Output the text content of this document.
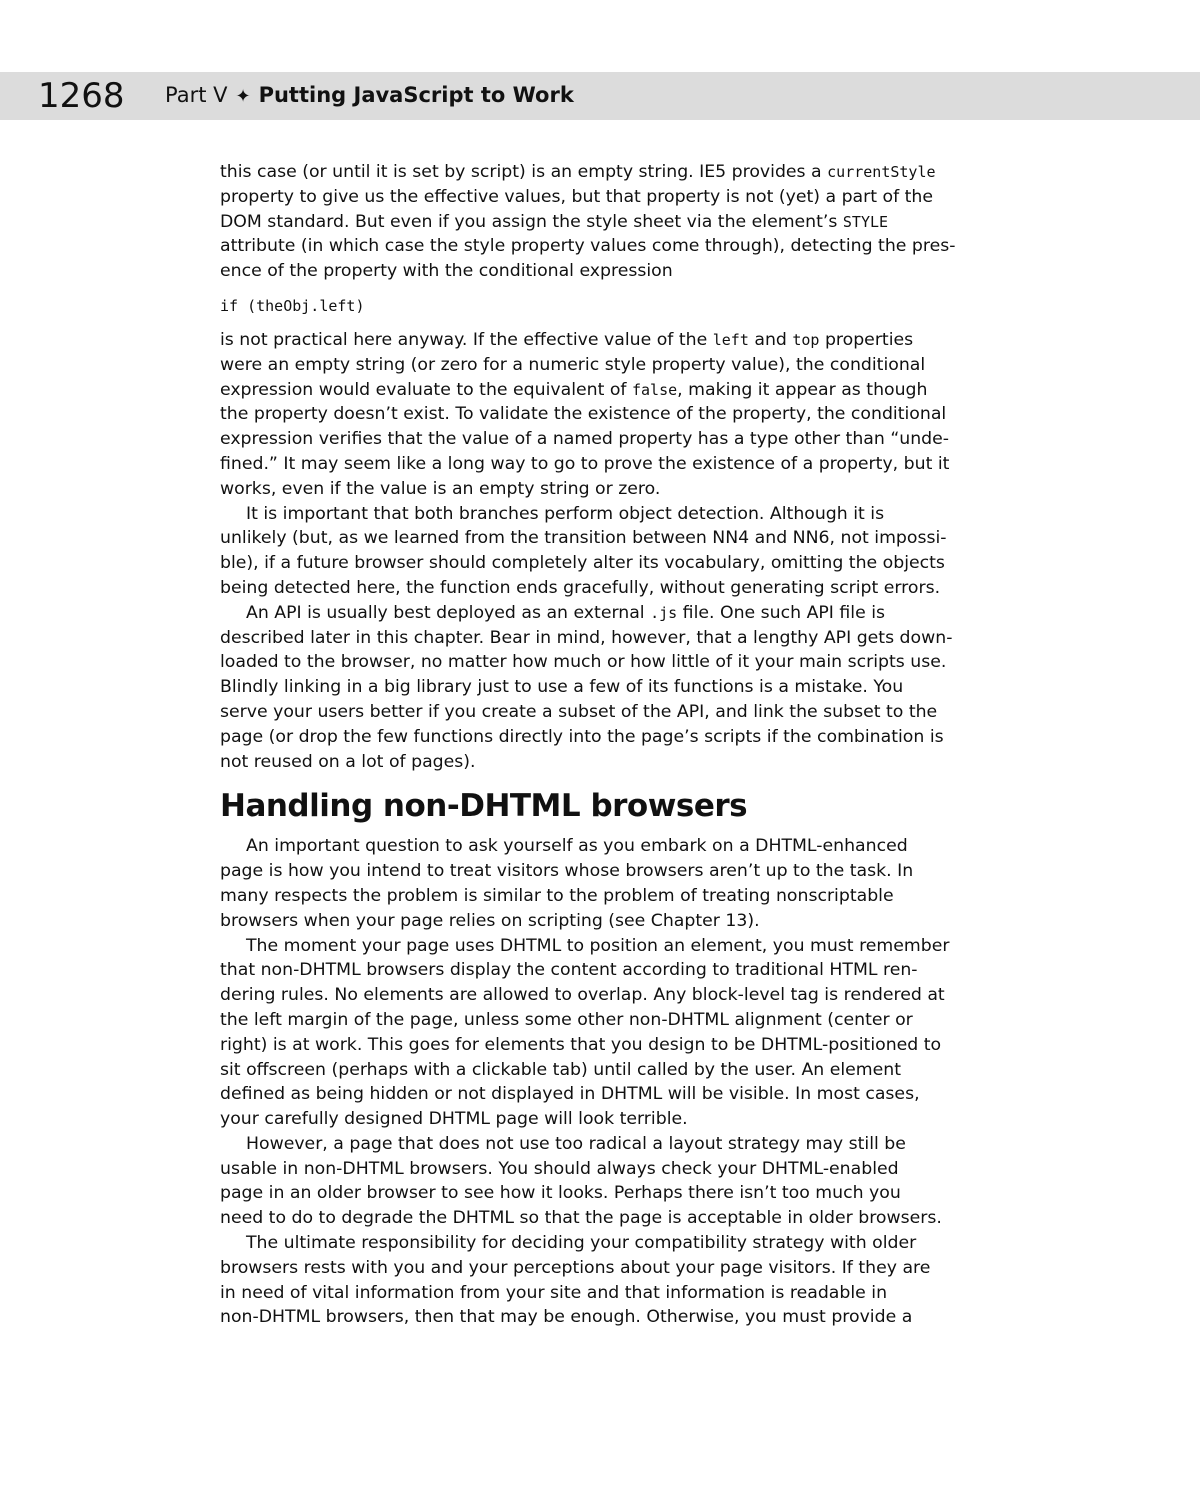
1268 Part V ✦ Putting JavaScript to Work
this case (or until it is set by script) is an empty string. IE5 provides a currentStyle
property to give us the effective values, but that property is not (yet) a part of the
DOM standard. But even if you assign the style sheet via the element’s STYLE
attribute (in which case the style property values come through), detecting the pres-
ence of the property with the conditional expression
if (theObj.left)
is not practical here anyway. If the effective value of the left and top properties
were an empty string (or zero for a numeric style property value), the conditional
expression would evaluate to the equivalent of false, making it appear as though
the property doesn’t exist. To validate the existence of the property, the conditional
expression verifies that the value of a named property has a type other than “unde-
fined.” It may seem like a long way to go to prove the existence of a property, but it
works, even if the value is an empty string or zero.
It is important that both branches perform object detection. Although it is
unlikely (but, as we learned from the transition between NN4 and NN6, not impossi-
ble), if a future browser should completely alter its vocabulary, omitting the objects
being detected here, the function ends gracefully, without generating script errors.
An API is usually best deployed as an external .js file. One such API file is
described later in this chapter. Bear in mind, however, that a lengthy API gets down-
loaded to the browser, no matter how much or how little of it your main scripts use.
Blindly linking in a big library just to use a few of its functions is a mistake. You
serve your users better if you create a subset of the API, and link the subset to the
page (or drop the few functions directly into the page’s scripts if the combination is
not reused on a lot of pages).
Handling non-DHTML browsers
An important question to ask yourself as you embark on a DHTML-enhanced
page is how you intend to treat visitors whose browsers aren’t up to the task. In
many respects the problem is similar to the problem of treating nonscriptable
browsers when your page relies on scripting (see Chapter 13).
The moment your page uses DHTML to position an element, you must remember
that non-DHTML browsers display the content according to traditional HTML ren-
dering rules. No elements are allowed to overlap. Any block-level tag is rendered at
the left margin of the page, unless some other non-DHTML alignment (center or
right) is at work. This goes for elements that you design to be DHTML-positioned to
sit offscreen (perhaps with a clickable tab) until called by the user. An element
defined as being hidden or not displayed in DHTML will be visible. In most cases,
your carefully designed DHTML page will look terrible.
However, a page that does not use too radical a layout strategy may still be
usable in non-DHTML browsers. You should always check your DHTML-enabled
page in an older browser to see how it looks. Perhaps there isn’t too much you
need to do to degrade the DHTML so that the page is acceptable in older browsers.
The ultimate responsibility for deciding your compatibility strategy with older
browsers rests with you and your perceptions about your page visitors. If they are
in need of vital information from your site and that information is readable in
non-DHTML browsers, then that may be enough. Otherwise, you must provide a
